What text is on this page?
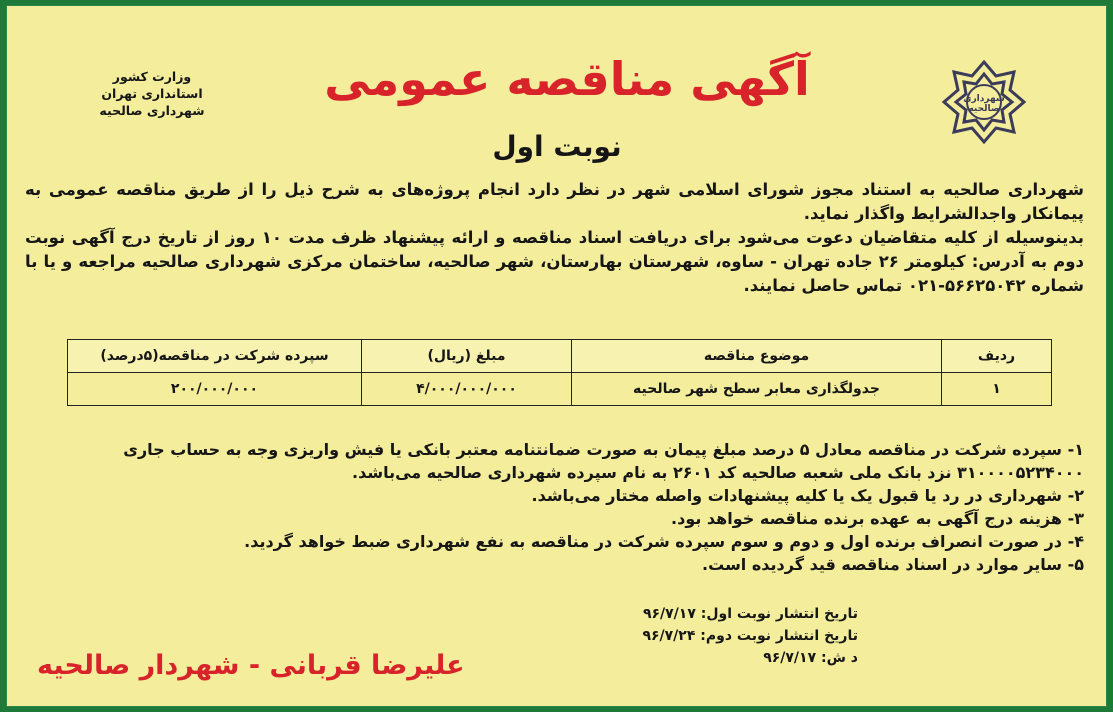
شهرداری صالحیه
وزارت کشور
استانداری تهران
شهرداری صالحیه
آگهی مناقصه عمومی
نوبت اول

شهرداری صالحیه به استناد مجوز شورای اسلامی شهر در نظر دارد انجام پروژه‌های به شرح ذیل را از طریق مناقصه عمومی به پیمانکار واجدالشرایط واگذار نماید.

بدینوسیله از کلیه متقاضیان دعوت می‌شود برای دریافت اسناد مناقصه و ارائه پیشنهاد ظرف مدت ۱۰ روز از تاریخ درج آگهی نوبت دوم به آدرس: کیلومتر ۲۶ جاده تهران - ساوه، شهرستان بهارستان، شهر صالحیه، ساختمان مرکزی شهرداری صالحیه مراجعه و یا با شماره ۵۶۶۲۵۰۴۲-۰۲۱ تماس حاصل نمایند.

ردیف	موضوع مناقصه	مبلغ (ریال)	سپرده شرکت در مناقصه(۵درصد)
۱	جدولگذاری معابر سطح شهر صالحیه	۴/۰۰۰/۰۰۰/۰۰۰	۲۰۰/۰۰۰/۰۰۰

۱- سپرده شرکت در مناقصه معادل ۵ درصد مبلغ پیمان به صورت ضمانتنامه معتبر بانکی یا فیش واریزی وجه به حساب جاری ۳۱۰۰۰۰۵۲۳۴۰۰۰ نزد بانک ملی شعبه صالحیه کد ۲۶۰۱ به نام سپرده شهرداری صالحیه می‌باشد.

۲- شهرداری در رد یا قبول یک یا کلیه پیشنهادات واصله مختار می‌باشد.

۳- هزینه درج آگهی به عهده برنده مناقصه خواهد بود.

۴- در صورت انصراف برنده اول و دوم و سوم سپرده شرکت در مناقصه به نفع شهرداری ضبط خواهد گردید.

۵- سایر موارد در اسناد مناقصه قید گردیده است.

تاریخ انتشار نوبت اول: ۹۶/۷/۱۷

تاریخ انتشار نوبت دوم: ۹۶/۷/۲۴

د ش: ۹۶/۷/۱۷

علیرضا قربانی - شهردار صالحیه
